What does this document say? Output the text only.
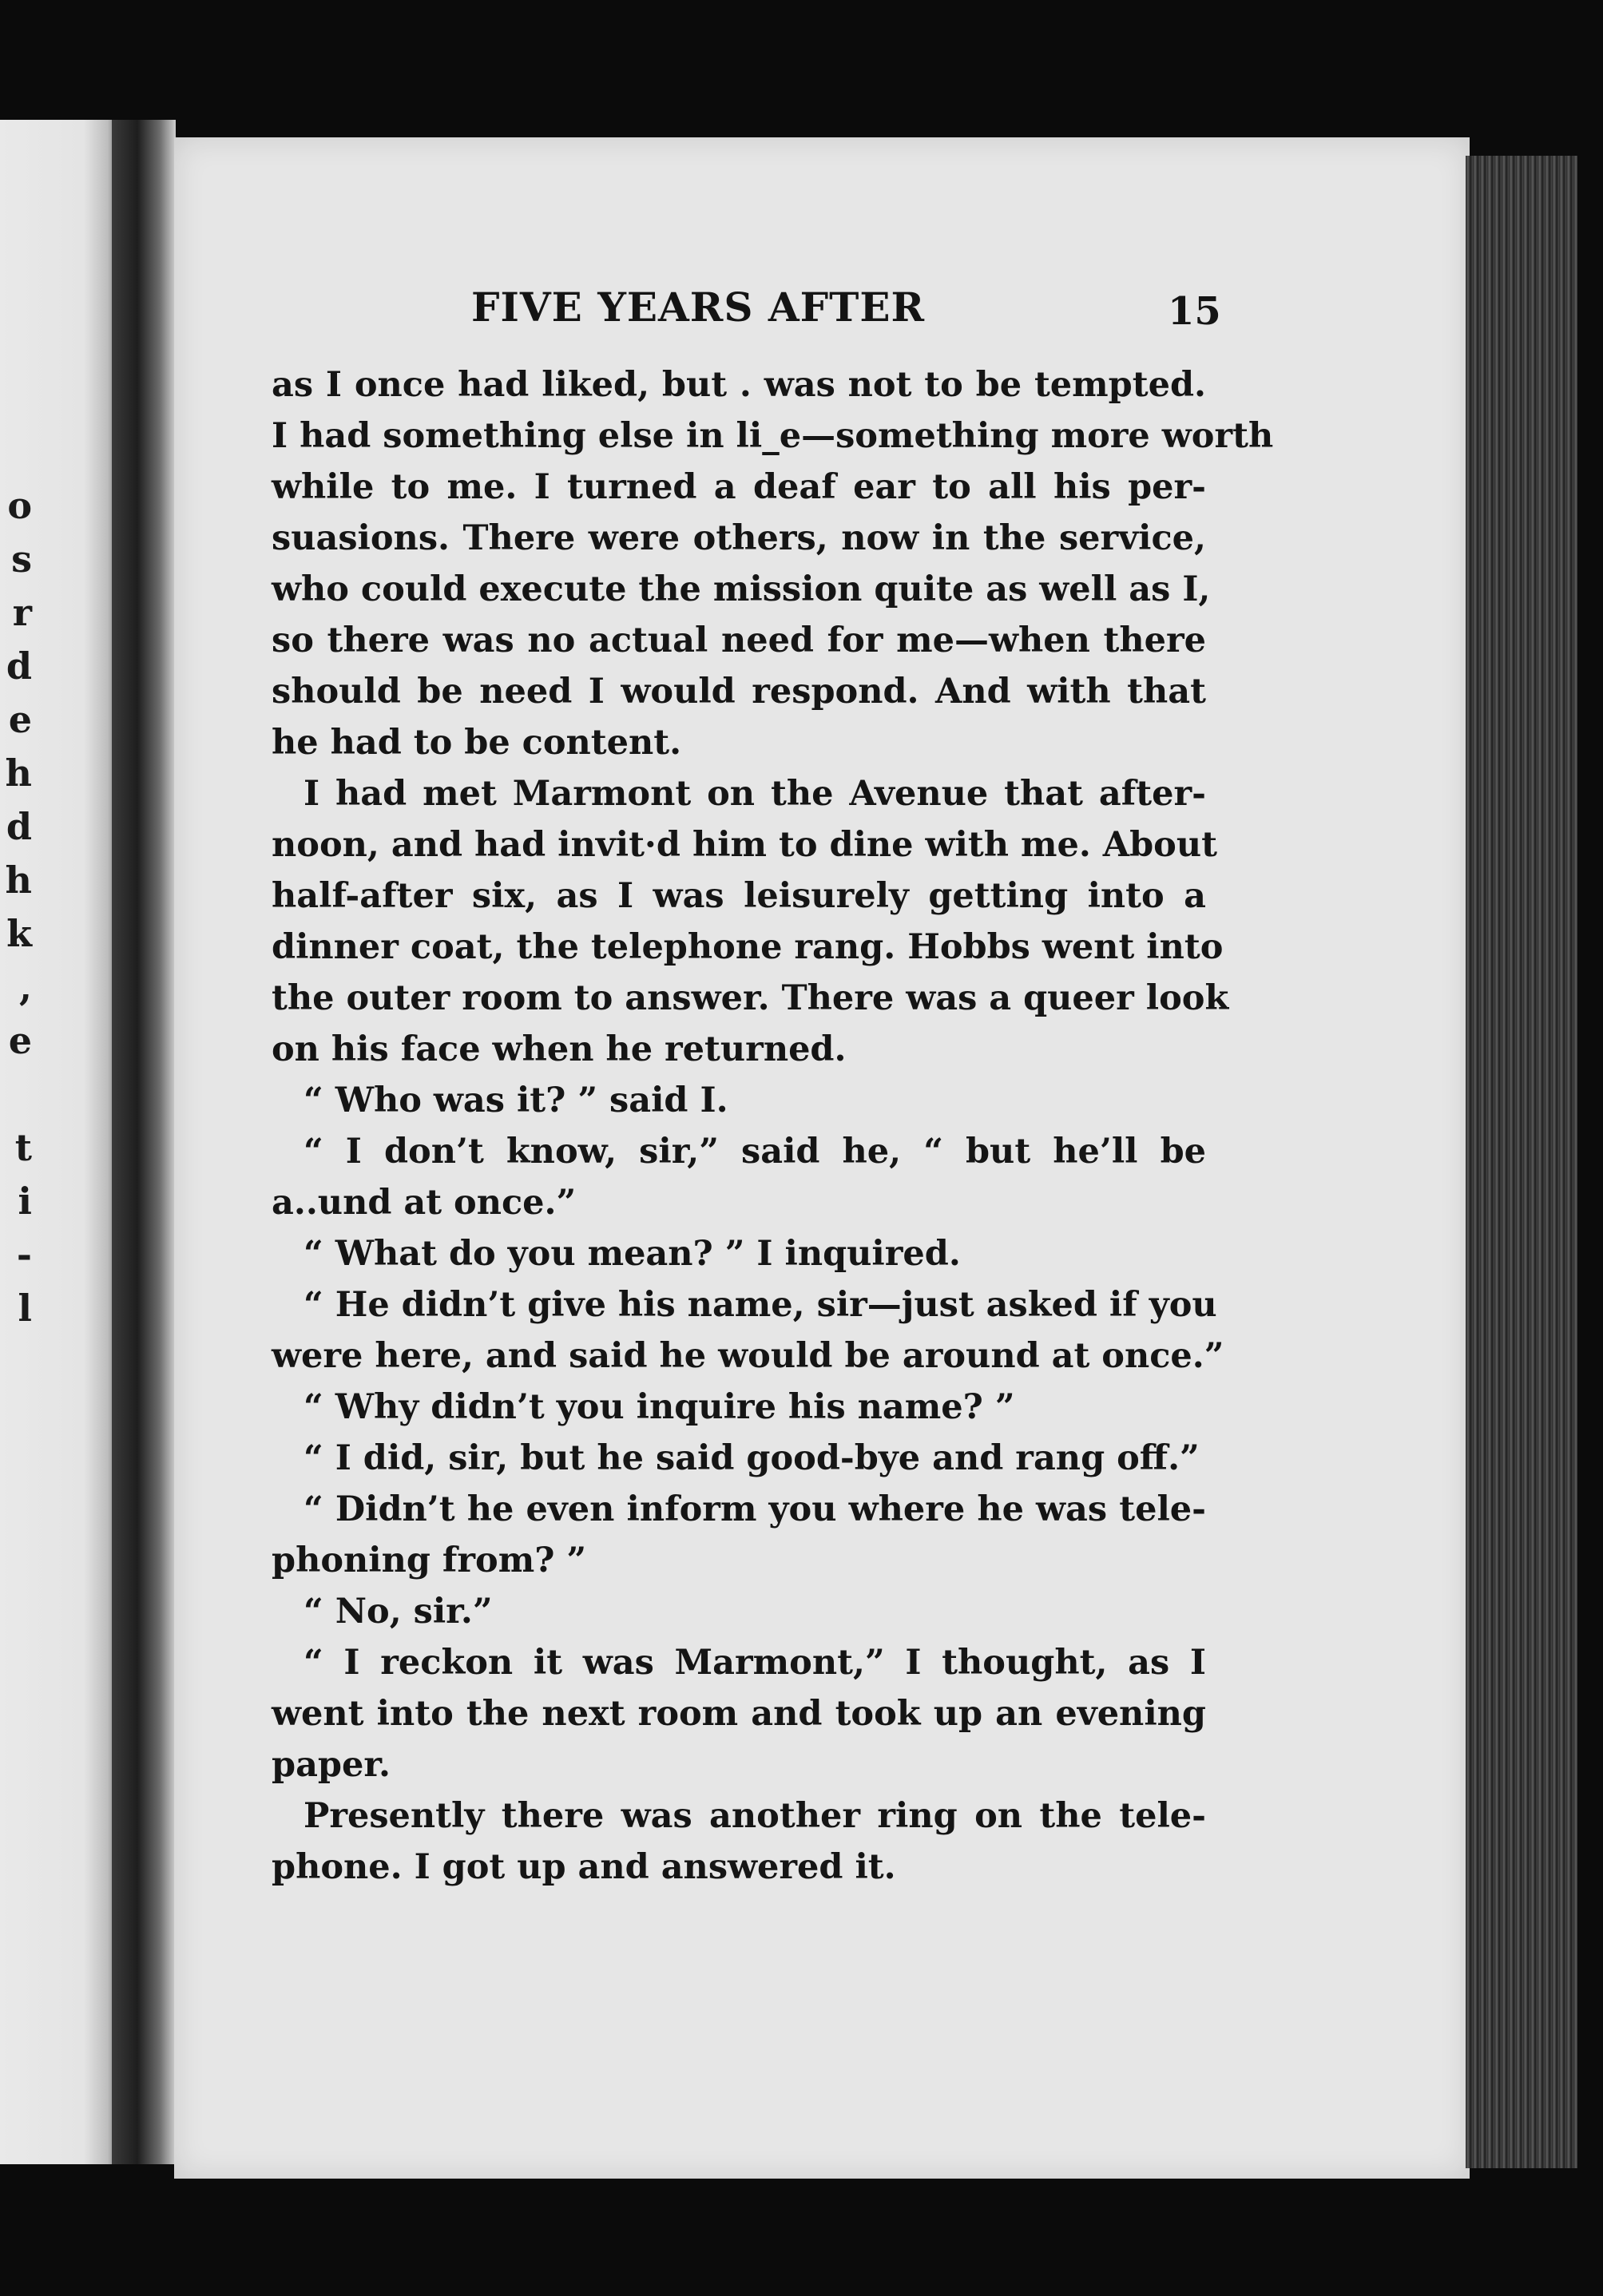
o
s
r
d
e
h
d
h
k
,
e

t
i
-
l
FIVE YEARS AFTER	15
as I once had liked, but . was not to be tempted.
I had something else in li_e—something more worth
while to me. I turned a deaf ear to all his per-
suasions. There were others, now in the service,
who could execute the mission quite as well as I,
so there was no actual need for me—when there
should be need I would respond. And with that
he had to be content.
I had met Marmont on the Avenue that after-
noon, and had invit·d him to dine with me. About
half-after six, as I was leisurely getting into a
dinner coat, the telephone rang. Hobbs went into
the outer room to answer. There was a queer look
on his face when he returned.
“ Who was it? ” said I.
“ I don’t know, sir,” said he, “ but he’ll be
a..und at once.”
“ What do you mean? ” I inquired.
“ He didn’t give his name, sir—just asked if you
were here, and said he would be around at once.”
“ Why didn’t you inquire his name? ”
“ I did, sir, but he said good-bye and rang off.”
“ Didn’t he even inform you where he was tele-
phoning from? ”
“ No, sir.”
“ I reckon it was Marmont,” I thought, as I
went into the next room and took up an evening
paper.
Presently there was another ring on the tele-
phone. I got up and answered it.
